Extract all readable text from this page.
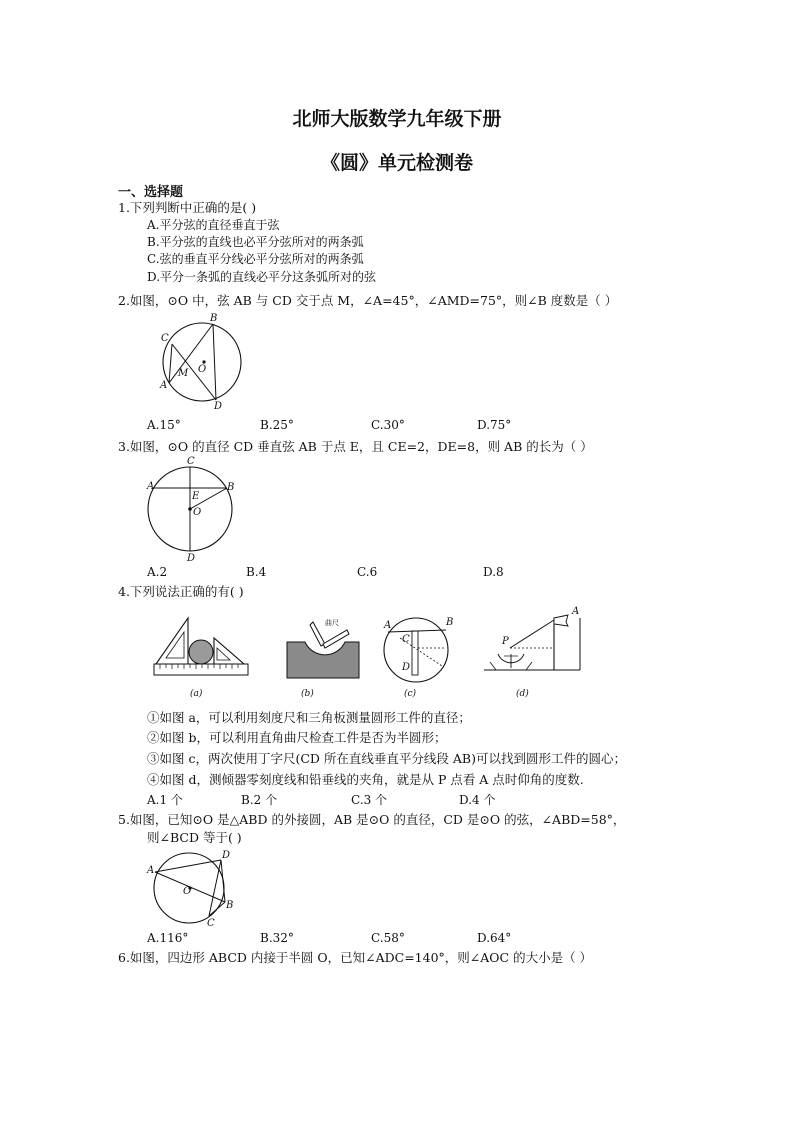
北师大版数学九年级下册
《圆》单元检测卷
一、选择题
1.下列判断中正确的是( )
A.平分弦的直径垂直于弦
B.平分弦的直线也必平分弦所对的两条弧
C.弦的垂直平分线必平分弦所对的两条弧
D.平分一条弧的直线必平分这条弧所对的弦
2.如图，⊙O 中，弦 AB 与 CD 交于点 M，∠A=45°，∠AMD=75°，则∠B 度数是（ ）
A
B
C
D
M O
A.15°	B.25°	C.30°	D.75°
3.如图，⊙O 的直径 CD 垂直弦 AB 于点 E，且 CE=2，DE=8，则 AB 的长为（ ）
A	B
C
D
E
O
A.2	B.4	C.6	D.8
4.下列说法正确的有( )
(a)
曲尺
(b)
A	B
C
D
(c)
A
P
(d)
①如图 a，可以利用刻度尺和三角板测量圆形工件的直径；
②如图 b，可以利用直角曲尺检查工件是否为半圆形；
③如图 c，两次使用丁字尺(CD 所在直线垂直平分线段 AB)可以找到圆形工件的圆心；
④如图 d，测倾器零刻度线和铅垂线的夹角，就是从 P 点看 A 点时仰角的度数.
A.1 个	B.2 个	C.3 个	D.4 个
5.如图，已知⊙O 是△ABD 的外接圆，AB 是⊙O 的直径，CD 是⊙O 的弦，∠ABD=58°，
则∠BCD 等于( )
A
B
C
D
O
A.116°	B.32°	C.58°	D.64°
6.如图，四边形 ABCD 内接于半圆 O，已知∠ADC=140°，则∠AOC 的大小是（ ）
